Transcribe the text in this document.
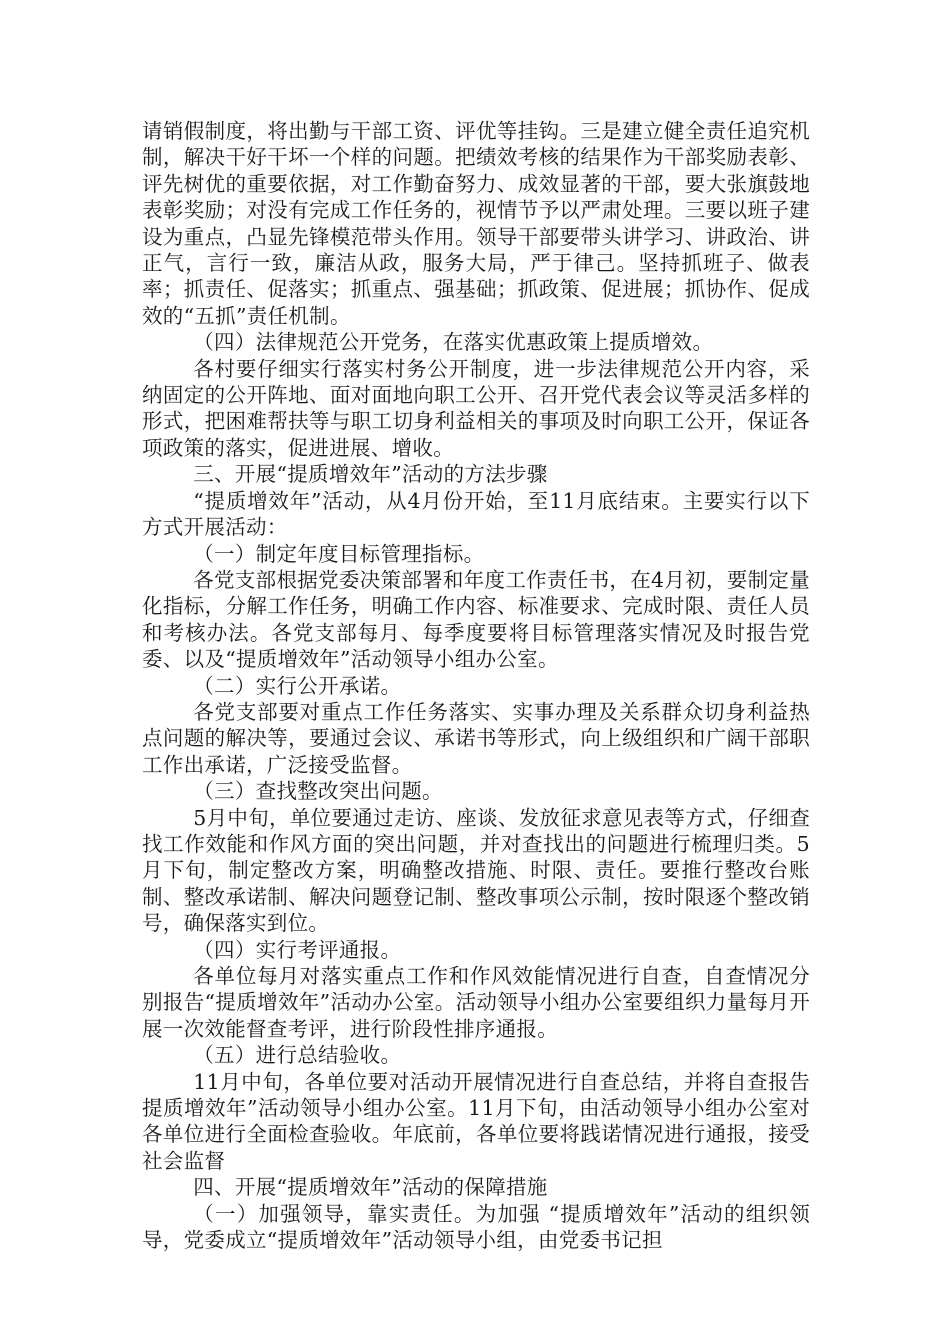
请销假制度，将出勤与干部工资、评优等挂钩。三是建立健全责任追究机制，解决干好干坏一个样的问题。把绩效考核的结果作为干部奖励表彰、评先树优的重要依据，对工作勤奋努力、成效显著的干部，要大张旗鼓地表彰奖励；对没有完成工作任务的，视情节予以严肃处理。三要以班子建设为重点，凸显先锋模范带头作用。领导干部要带头讲学习、讲政治、讲正气，言行一致，廉洁从政，服务大局，严于律己。坚持抓班子、做表率；抓责任、促落实；抓重点、强基础；抓政策、促进展；抓协作、促成效的“五抓”责任机制。

（四）法律规范公开党务，在落实优惠政策上提质增效。

各村要仔细实行落实村务公开制度，进一步法律规范公开内容，采纳固定的公开阵地、面对面地向职工公开、召开党代表会议等灵活多样的形式，把困难帮扶等与职工切身利益相关的事项及时向职工公开，保证各项政策的落实，促进进展、增收。

三、开展“提质增效年”活动的方法步骤

“提质增效年”活动，从4月份开始，至11月底结束。主要实行以下方式开展活动：

（一）制定年度目标管理指标。

各党支部根据党委决策部署和年度工作责任书，在4月初，要制定量化指标，分解工作任务，明确工作内容、标准要求、完成时限、责任人员和考核办法。各党支部每月、每季度要将目标管理落实情况及时报告党委、以及“提质增效年”活动领导小组办公室。

（二）实行公开承诺。

各党支部要对重点工作任务落实、实事办理及关系群众切身利益热点问题的解决等，要通过会议、承诺书等形式，向上级组织和广阔干部职工作出承诺，广泛接受监督。

（三）查找整改突出问题。

5月中旬，单位要通过走访、座谈、发放征求意见表等方式，仔细查找工作效能和作风方面的突出问题，并对查找出的问题进行梳理归类。5月下旬，制定整改方案，明确整改措施、时限、责任。要推行整改台账制、整改承诺制、解决问题登记制、整改事项公示制，按时限逐个整改销号，确保落实到位。

（四）实行考评通报。

各单位每月对落实重点工作和作风效能情况进行自查，自查情况分别报告“提质增效年”活动办公室。活动领导小组办公室要组织力量每月开展一次效能督查考评，进行阶段性排序通报。

（五）进行总结验收。

11月中旬，各单位要对活动开展情况进行自查总结，并将自查报告提质增效年”活动领导小组办公室。11月下旬，由活动领导小组办公室对各单位进行全面检查验收。年底前，各单位要将践诺情况进行通报，接受社会监督

四、开展“提质增效年”活动的保障措施

（一）加强领导，靠实责任。为加强 “提质增效年”活动的组织领导，党委成立“提质增效年”活动领导小组，由党委书记担
